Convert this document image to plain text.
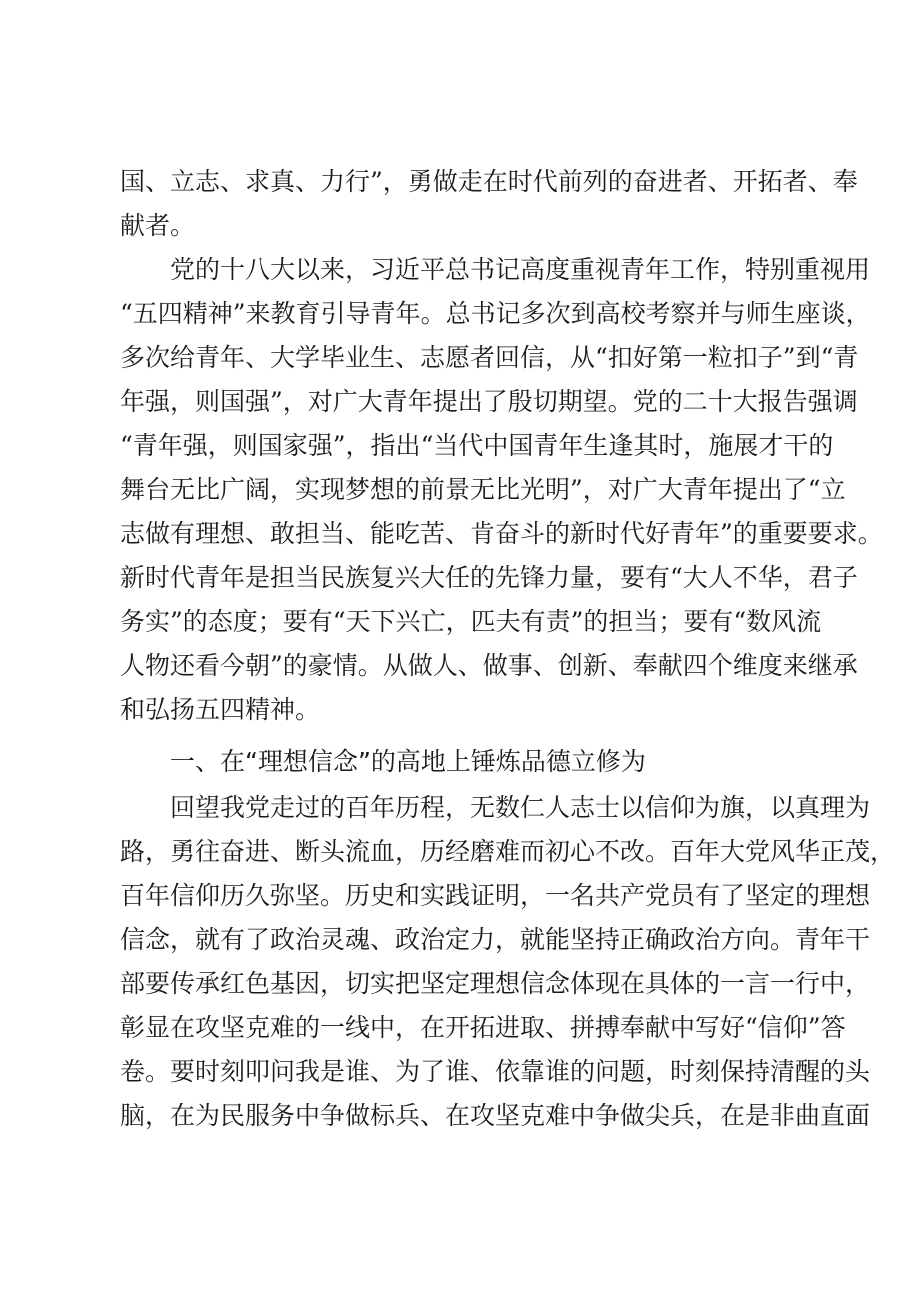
国、立志、求真、力行”，勇做走在时代前列的奋进者、开拓者、奉
献者。
党的十八大以来，习近平总书记高度重视青年工作，特别重视用
“五四精神”来教育引导青年。总书记多次到高校考察并与师生座谈，
多次给青年、大学毕业生、志愿者回信，从“扣好第一粒扣子”到“青
年强，则国强”，对广大青年提出了殷切期望。党的二十大报告强调
“青年强，则国家强”，指出“当代中国青年生逢其时，施展才干的
舞台无比广阔，实现梦想的前景无比光明”，对广大青年提出了“立
志做有理想、敢担当、能吃苦、肯奋斗的新时代好青年”的重要要求。
新时代青年是担当民族复兴大任的先锋力量，要有“大人不华，君子
务实”的态度；要有“天下兴亡，匹夫有责”的担当；要有“数风流
人物还看今朝”的豪情。从做人、做事、创新、奉献四个维度来继承
和弘扬五四精神。
一、在“理想信念”的高地上锤炼品德立修为
回望我党走过的百年历程，无数仁人志士以信仰为旗，以真理为
路，勇往奋进、断头流血，历经磨难而初心不改。百年大党风华正茂，
百年信仰历久弥坚。历史和实践证明，一名共产党员有了坚定的理想
信念，就有了政治灵魂、政治定力，就能坚持正确政治方向。青年干
部要传承红色基因，切实把坚定理想信念体现在具体的一言一行中，
彰显在攻坚克难的一线中，在开拓进取、拼搏奉献中写好“信仰”答
卷。要时刻叩问我是谁、为了谁、依靠谁的问题，时刻保持清醒的头
脑，在为民服务中争做标兵、在攻坚克难中争做尖兵，在是非曲直面
